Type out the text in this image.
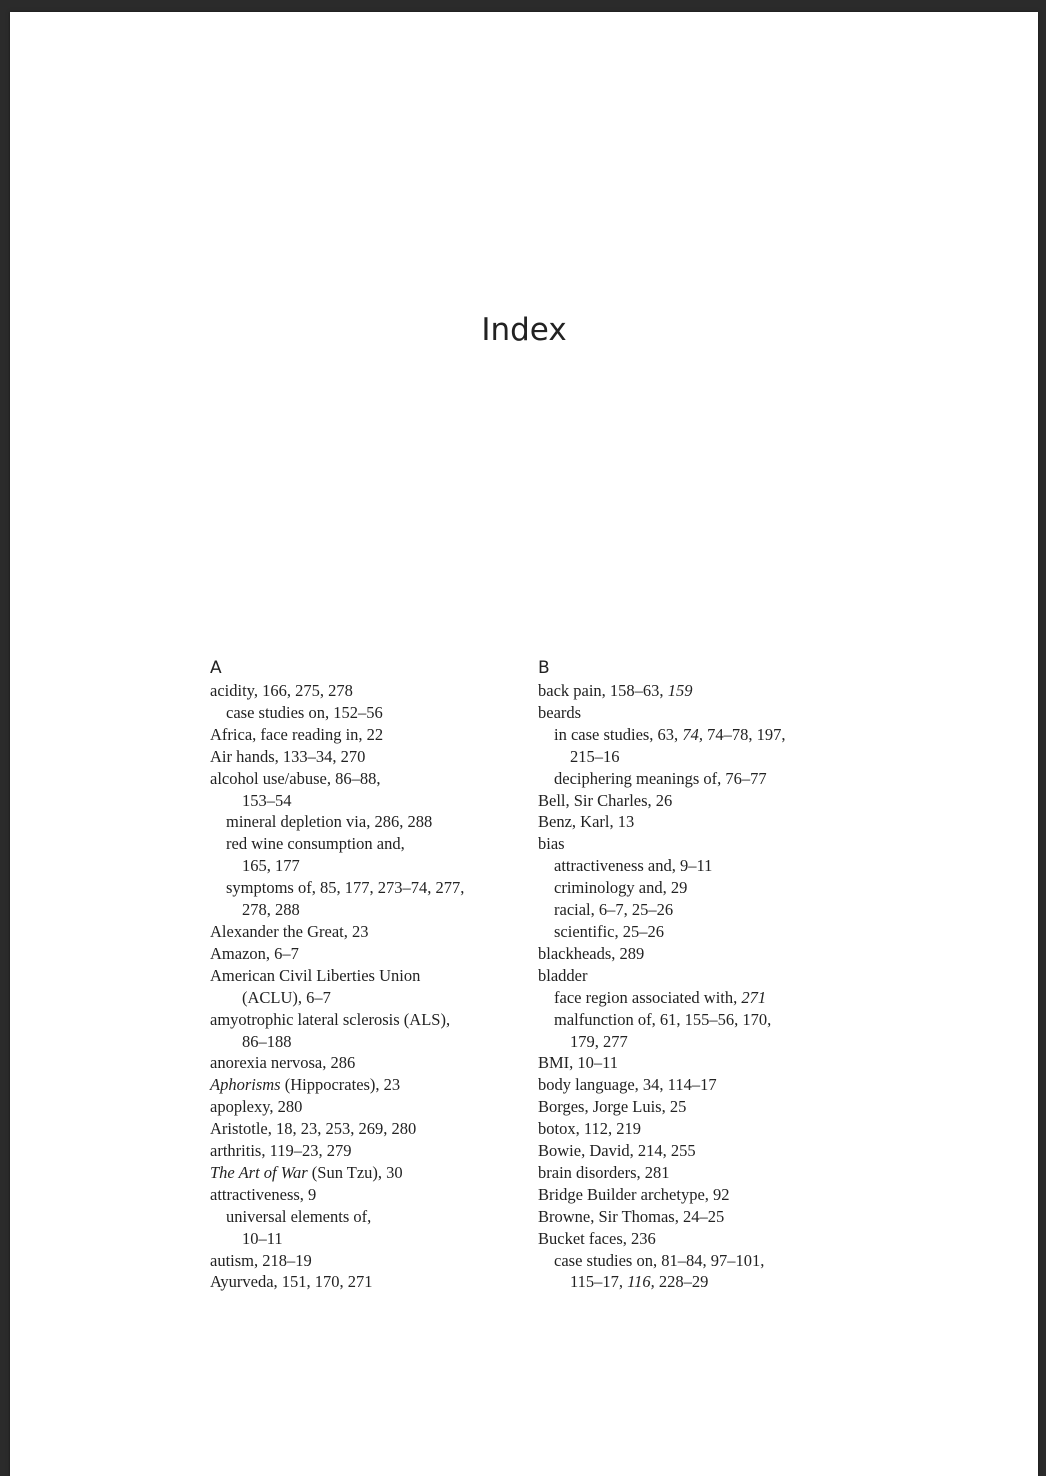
Index
A
acidity, 166, 275, 278
case studies on, 152–56
Africa, face reading in, 22
Air hands, 133–34, 270
alcohol use/abuse, 86–88,
153–54
mineral depletion via, 286, 288
red wine consumption and,
165, 177
symptoms of, 85, 177, 273–74, 277,
278, 288
Alexander the Great, 23
Amazon, 6–7
American Civil Liberties Union
(ACLU), 6–7
amyotrophic lateral sclerosis (ALS),
86–188
anorexia nervosa, 286
Aphorisms (Hippocrates), 23
apoplexy, 280
Aristotle, 18, 23, 253, 269, 280
arthritis, 119–23, 279
The Art of War (Sun Tzu), 30
attractiveness, 9
universal elements of,
10–11
autism, 218–19
Ayurveda, 151, 170, 271
B
back pain, 158–63, 159
beards
in case studies, 63, 74, 74–78, 197,
215–16
deciphering meanings of, 76–77
Bell, Sir Charles, 26
Benz, Karl, 13
bias
attractiveness and, 9–11
criminology and, 29
racial, 6–7, 25–26
scientific, 25–26
blackheads, 289
bladder
face region associated with, 271
malfunction of, 61, 155–56, 170,
179, 277
BMI, 10–11
body language, 34, 114–17
Borges, Jorge Luis, 25
botox, 112, 219
Bowie, David, 214, 255
brain disorders, 281
Bridge Builder archetype, 92
Browne, Sir Thomas, 24–25
Bucket faces, 236
case studies on, 81–84, 97–101,
115–17, 116, 228–29
